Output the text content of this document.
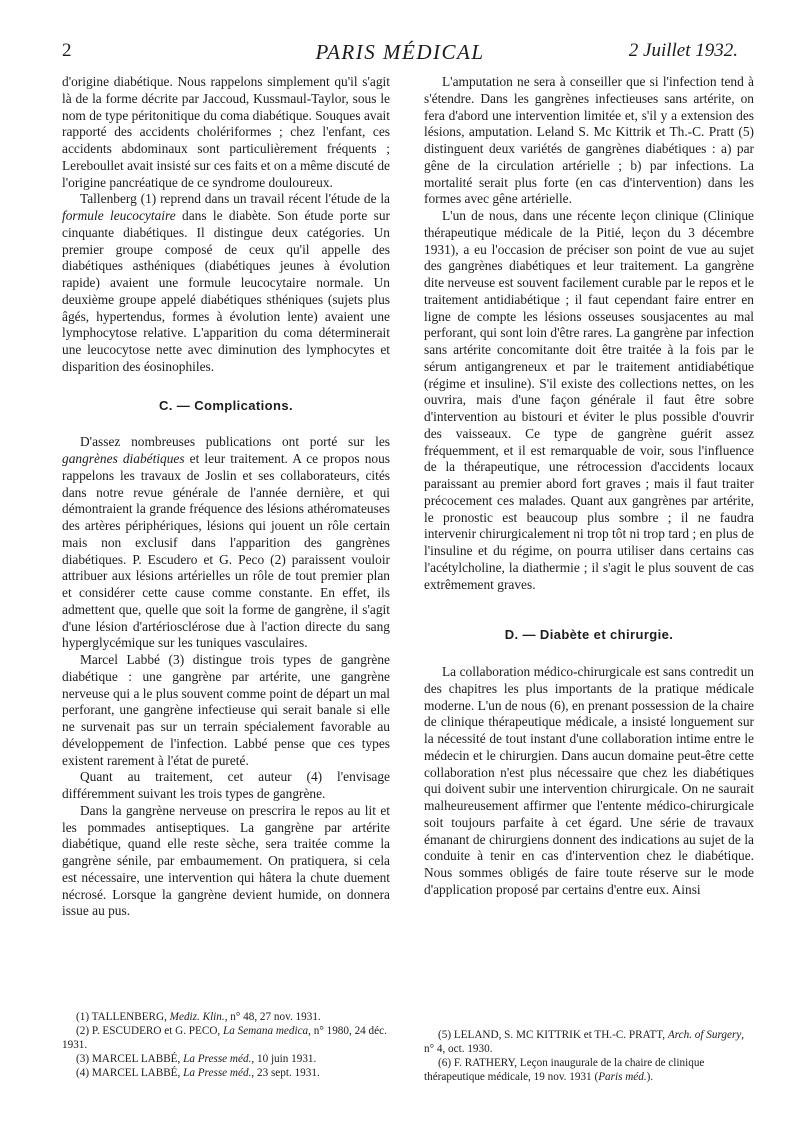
2	PARIS MÉDICAL	2 Juillet 1932.

d'origine diabétique. Nous rappelons simplement qu'il s'agit là de la forme décrite par Jaccoud, Kussmaul-Taylor, sous le nom de type péritonitique du coma diabétique. Souques avait rapporté des accidents cholériformes ; chez l'enfant, ces accidents abdominaux sont particulièrement fréquents ; Lereboullet avait insisté sur ces faits et on a même discuté de l'origine pancréatique de ce syndrome douloureux.

Tallenberg (1) reprend dans un travail récent l'étude de la formule leucocytaire dans le diabète. Son étude porte sur cinquante diabétiques. Il distingue deux catégories. Un premier groupe composé de ceux qu'il appelle des diabétiques asthéniques (diabétiques jeunes à évolution rapide) avaient une formule leucocytaire normale. Un deuxième groupe appelé diabétiques sthéniques (sujets plus âgés, hypertendus, formes à évolution lente) avaient une lymphocytose relative. L'apparition du coma déterminerait une leucocytose nette avec diminution des lymphocytes et disparition des éosinophiles.

C. — Complications.

D'assez nombreuses publications ont porté sur les gangrènes diabétiques et leur traitement. A ce propos nous rappelons les travaux de Joslin et ses collaborateurs, cités dans notre revue générale de l'année dernière, et qui démontraient la grande fréquence des lésions athéromateuses des artères périphériques, lésions qui jouent un rôle certain mais non exclusif dans l'apparition des gangrènes diabétiques. P. Escudero et G. Peco (2) paraissent vouloir attribuer aux lésions artérielles un rôle de tout premier plan et considérer cette cause comme constante. En effet, ils admettent que, quelle que soit la forme de gangrène, il s'agit d'une lésion d'artériosclérose due à l'action directe du sang hyperglycémique sur les tuniques vasculaires.

Marcel Labbé (3) distingue trois types de gangrène diabétique : une gangrène par artérite, une gangrène nerveuse qui a le plus souvent comme point de départ un mal perforant, une gangrène infectieuse qui serait banale si elle ne survenait pas sur un terrain spécialement favorable au développement de l'infection. Labbé pense que ces types existent rarement à l'état de pureté.

Quant au traitement, cet auteur (4) l'envisage différemment suivant les trois types de gangrène.

Dans la gangrène nerveuse on prescrira le repos au lit et les pommades antiseptiques. La gangrène par artérite diabétique, quand elle reste sèche, sera traitée comme la gangrène sénile, par embaumement. On pratiquera, si cela est nécessaire, une intervention qui hâtera la chute duement nécrosé. Lorsque la gangrène devient humide, on donnera issue au pus.

(1) TALLENBERG, Mediz. Klin., n° 48, 27 nov. 1931.

(2) P. ESCUDERO et G. PECO, La Semana medica, n° 1980, 24 déc. 1931.

(3) MARCEL LABBÉ, La Presse méd., 10 juin 1931.

(4) MARCEL LABBÉ, La Presse méd., 23 sept. 1931.

L'amputation ne sera à conseiller que si l'infection tend à s'étendre. Dans les gangrènes infectieuses sans artérite, on fera d'abord une intervention limitée et, s'il y a extension des lésions, amputation. Leland S. Mc Kittrik et Th.-C. Pratt (5) distinguent deux variétés de gangrènes diabétiques : a) par gêne de la circulation artérielle ; b) par infections. La mortalité serait plus forte (en cas d'intervention) dans les formes avec gêne artérielle.

L'un de nous, dans une récente leçon clinique (Clinique thérapeutique médicale de la Pitié, leçon du 3 décembre 1931), a eu l'occasion de préciser son point de vue au sujet des gangrènes diabétiques et leur traitement. La gangrène dite nerveuse est souvent facilement curable par le repos et le traitement antidiabétique ; il faut cependant faire entrer en ligne de compte les lésions osseuses sousjacentes au mal perforant, qui sont loin d'être rares. La gangrène par infection sans artérite concomitante doit être traitée à la fois par le sérum antigangreneux et par le traitement antidiabétique (régime et insuline). S'il existe des collections nettes, on les ouvrira, mais d'une façon générale il faut être sobre d'intervention au bistouri et éviter le plus possible d'ouvrir des vaisseaux. Ce type de gangrène guérit assez fréquemment, et il est remarquable de voir, sous l'influence de la thérapeutique, une rétrocession d'accidents locaux paraissant au premier abord fort graves ; mais il faut traiter précocement ces malades. Quant aux gangrènes par artérite, le pronostic est beaucoup plus sombre ; il ne faudra intervenir chirurgicalement ni trop tôt ni trop tard ; en plus de l'insuline et du régime, on pourra utiliser dans certains cas l'acétylcholine, la diathermie ; il s'agit le plus souvent de cas extrêmement graves.

D. — Diabète et chirurgie.

La collaboration médico-chirurgicale est sans contredit un des chapitres les plus importants de la pratique médicale moderne. L'un de nous (6), en prenant possession de la chaire de clinique thérapeutique médicale, a insisté longuement sur la nécessité de tout instant d'une collaboration intime entre le médecin et le chirurgien. Dans aucun domaine peut-être cette collaboration n'est plus nécessaire que chez les diabétiques qui doivent subir une intervention chirurgicale. On ne saurait malheureusement affirmer que l'entente médico-chirurgicale soit toujours parfaite à cet égard. Une série de travaux émanant de chirurgiens donnent des indications au sujet de la conduite à tenir en cas d'intervention chez le diabétique. Nous sommes obligés de faire toute réserve sur le mode d'application proposé par certains d'entre eux. Ainsi

(5) LELAND, S. MC KITTRIK et TH.-C. PRATT, Arch. of Surgery, n° 4, oct. 1930.

(6) F. RATHERY, Leçon inaugurale de la chaire de clinique thérapeutique médicale, 19 nov. 1931 (Paris méd.).
